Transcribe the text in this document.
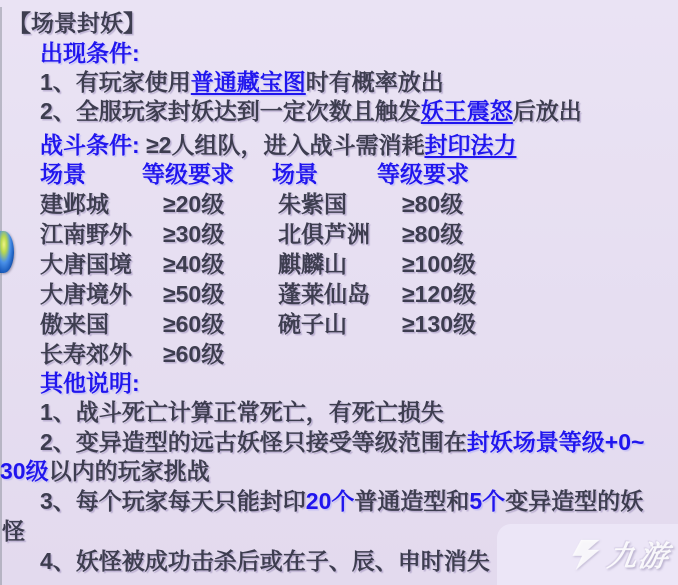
【场景封妖】
出现条件:
1、有玩家使用普通藏宝图时有概率放出
2、全服玩家封妖达到一定次数且触发妖王震怒后放出
战斗条件: ≥2人组队，进入战斗需消耗封印法力
场景 等级要求 场景	等级要求
建邺城 ≥20级 朱紫国 ≥80级
江南野外 ≥30级 北俱芦洲 ≥80级
大唐国境 ≥40级 麒麟山 ≥100级
大唐境外 ≥50级 蓬莱仙岛 ≥120级
傲来国 ≥60级 碗子山 ≥130级
长寿郊外 ≥60级
其他说明:
1、战斗死亡计算正常死亡，有死亡损失
2、变异造型的远古妖怪只接受等级范围在封妖场景等级+0~
30级以内的玩家挑战
3、每个玩家每天只能封印20个普通造型和5个变异造型的妖
怪
4、妖怪被成功击杀后或在子、辰、申时消失	九游
